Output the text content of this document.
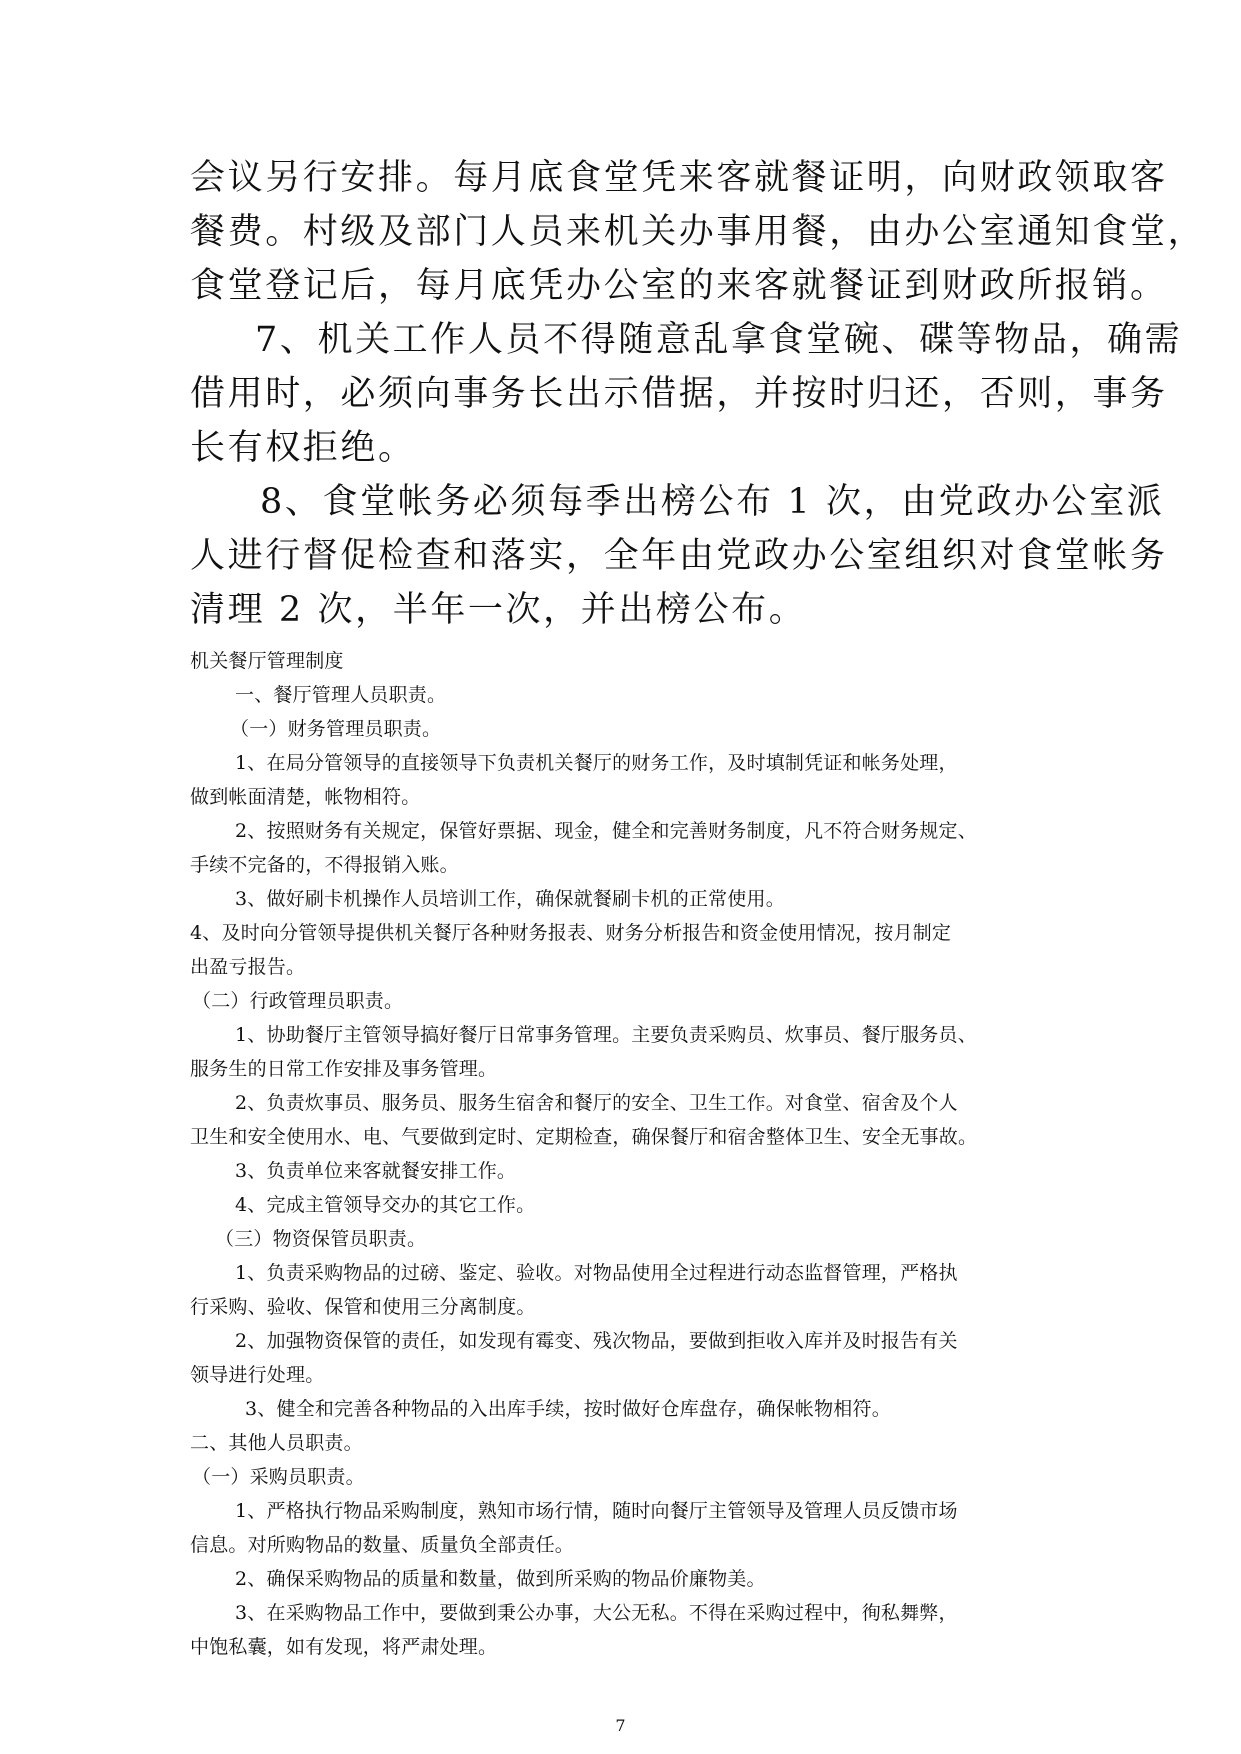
会议另行安排。每月底食堂凭来客就餐证明，向财政领取客
餐费。村级及部门人员来机关办事用餐，由办公室通知食堂，
食堂登记后，每月底凭办公室的来客就餐证到财政所报销。
7、机关工作人员不得随意乱拿食堂碗、碟等物品，确需
借用时，必须向事务长出示借据，并按时归还，否则，事务
长有权拒绝。
8、食堂帐务必须每季出榜公布 1 次，由党政办公室派
人进行督促检查和落实，全年由党政办公室组织对食堂帐务
清理 2 次，半年一次，并出榜公布。
机关餐厅管理制度
一、餐厅管理人员职责。
（一）财务管理员职责。
1、在局分管领导的直接领导下负责机关餐厅的财务工作，及时填制凭证和帐务处理，
做到帐面清楚，帐物相符。
2、按照财务有关规定，保管好票据、现金，健全和完善财务制度，凡不符合财务规定、
手续不完备的，不得报销入账。
3、做好刷卡机操作人员培训工作，确保就餐刷卡机的正常使用。
4、及时向分管领导提供机关餐厅各种财务报表、财务分析报告和资金使用情况，按月制定
出盈亏报告。
（二）行政管理员职责。
1、协助餐厅主管领导搞好餐厅日常事务管理。主要负责采购员、炊事员、餐厅服务员、
服务生的日常工作安排及事务管理。
2、负责炊事员、服务员、服务生宿舍和餐厅的安全、卫生工作。对食堂、宿舍及个人
卫生和安全使用水、电、气要做到定时、定期检查，确保餐厅和宿舍整体卫生、安全无事故。
3、负责单位来客就餐安排工作。
4、完成主管领导交办的其它工作。
（三）物资保管员职责。
1、负责采购物品的过磅、鉴定、验收。对物品使用全过程进行动态监督管理，严格执
行采购、验收、保管和使用三分离制度。
2、加强物资保管的责任，如发现有霉变、残次物品，要做到拒收入库并及时报告有关
领导进行处理。
3、健全和完善各种物品的入出库手续，按时做好仓库盘存，确保帐物相符。
二、其他人员职责。
（一）采购员职责。
1、严格执行物品采购制度，熟知市场行情，随时向餐厅主管领导及管理人员反馈市场
信息。对所购物品的数量、质量负全部责任。
2、确保采购物品的质量和数量，做到所采购的物品价廉物美。
3、在采购物品工作中，要做到秉公办事，大公无私。不得在采购过程中，徇私舞弊，
中饱私囊，如有发现，将严肃处理。
7
